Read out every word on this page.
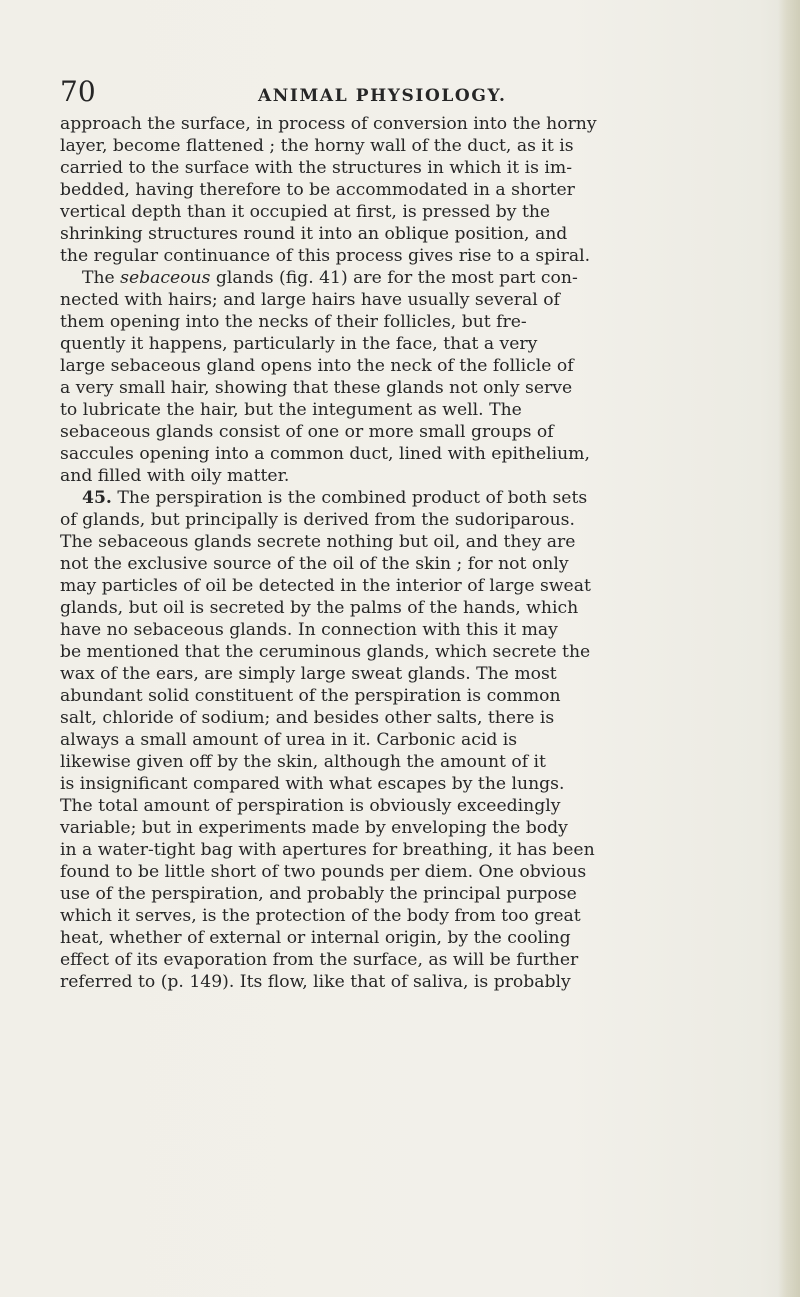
70	ANIMAL PHYSIOLOGY.
approach the surface, in process of conversion into the horny
layer, become flattened ; the horny wall of the duct, as it is
carried to the surface with the structures in which it is im-
bedded, having therefore to be accommodated in a shorter
vertical depth than it occupied at first, is pressed by the
shrinking structures round it into an oblique position, and
the regular continuance of this process gives rise to a spiral.
The sebaceous glands (fig. 41) are for the most part con-
nected with hairs; and large hairs have usually several of
them opening into the necks of their follicles, but fre-
quently it happens, particularly in the face, that a very
large sebaceous gland opens into the neck of the follicle of
a very small hair, showing that these glands not only serve
to lubricate the hair, but the integument as well. The
sebaceous glands consist of one or more small groups of
saccules opening into a common duct, lined with epithelium,
and filled with oily matter.
45. The perspiration is the combined product of both sets
of glands, but principally is derived from the sudoriparous.
The sebaceous glands secrete nothing but oil, and they are
not the exclusive source of the oil of the skin ; for not only
may particles of oil be detected in the interior of large sweat
glands, but oil is secreted by the palms of the hands, which
have no sebaceous glands. In connection with this it may
be mentioned that the ceruminous glands, which secrete the
wax of the ears, are simply large sweat glands. The most
abundant solid constituent of the perspiration is common
salt, chloride of sodium; and besides other salts, there is
always a small amount of urea in it. Carbonic acid is
likewise given off by the skin, although the amount of it
is insignificant compared with what escapes by the lungs.
The total amount of perspiration is obviously exceedingly
variable; but in experiments made by enveloping the body
in a water-tight bag with apertures for breathing, it has been
found to be little short of two pounds per diem. One obvious
use of the perspiration, and probably the principal purpose
which it serves, is the protection of the body from too great
heat, whether of external or internal origin, by the cooling
effect of its evaporation from the surface, as will be further
referred to (p. 149). Its flow, like that of saliva, is probably
